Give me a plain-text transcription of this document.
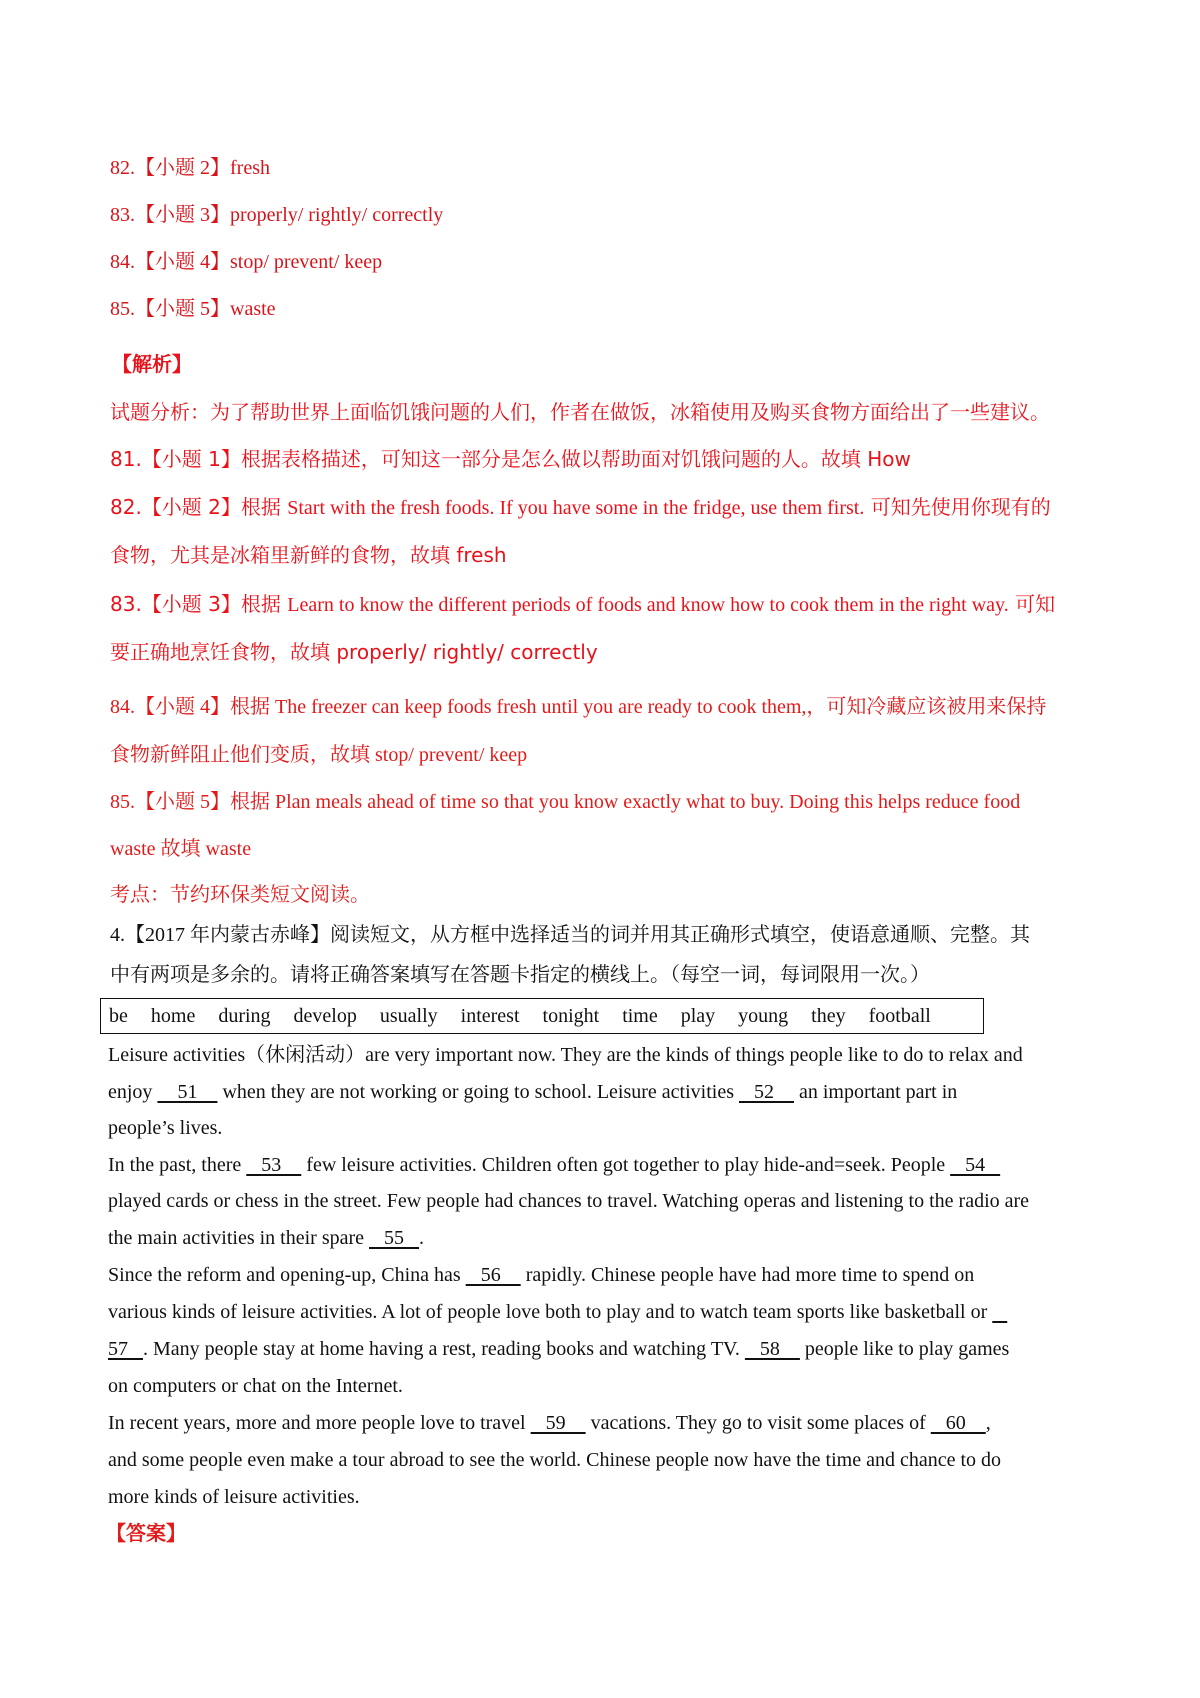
82.【小题 2】fresh

83.【小题 3】properly/ rightly/ correctly

84.【小题 4】stop/ prevent/ keep

85.【小题 5】waste

【解析】

试题分析：为了帮助世界上面临饥饿问题的人们，作者在做饭，冰箱使用及购买食物方面给出了一些建议。

81.【小题 1】根据表格描述，可知这一部分是怎么做以帮助面对饥饿问题的人。故填 How

82.【小题 2】根据 Start with the fresh foods. If you have some in the fridge, use them first. 可知先使用你现有的

食物，尤其是冰箱里新鲜的食物，故填 fresh

83.【小题 3】根据 Learn to know the different periods of foods and know how to cook them in the right way. 可知

要正确地烹饪食物，故填 properly/ rightly/ correctly

84.【小题 4】根据 The freezer can keep foods fresh until you are ready to cook them,，可知冷藏应该被用来保持

食物新鲜阻止他们变质，故填 stop/ prevent/ keep

85.【小题 5】根据 Plan meals ahead of time so that you know exactly what to buy. Doing this helps reduce food

waste 故填 waste

考点：节约环保类短文阅读。

4.【2017 年内蒙古赤峰】阅读短文，从方框中选择适当的词并用其正确形式填空，使语意通顺、完整。其

中有两项是多余的。请将正确答案填写在答题卡指定的横线上。（每空一词，每词限用一次。）

be home during develop usually interest tonight time play young they football

Leisure activities（休闲活动）are very important now. They are the kinds of things people like to do to relax and

enjoy     51     when they are not working or going to school. Leisure activities    52     an important part in

people’s lives.

In the past, there    53     few leisure activities. Children often got together to play hide-and=seek. People    54

played cards or chess in the street. Few people had chances to travel. Watching operas and listening to the radio are

the main activities in their spare    55   .

Since the reform and opening-up, China has    56     rapidly. Chinese people have had more time to spend on

various kinds of leisure activities. A lot of people love both to play and to watch team sports like basketball or

57   . Many people stay at home having a rest, reading books and watching TV.    58     people like to play games

on computers or chat on the Internet.

In recent years, more and more people love to travel    59     vacations. They go to visit some places of    60    ,

and some people even make a tour abroad to see the world. Chinese people now have the time and chance to do

more kinds of leisure activities.

【答案】
